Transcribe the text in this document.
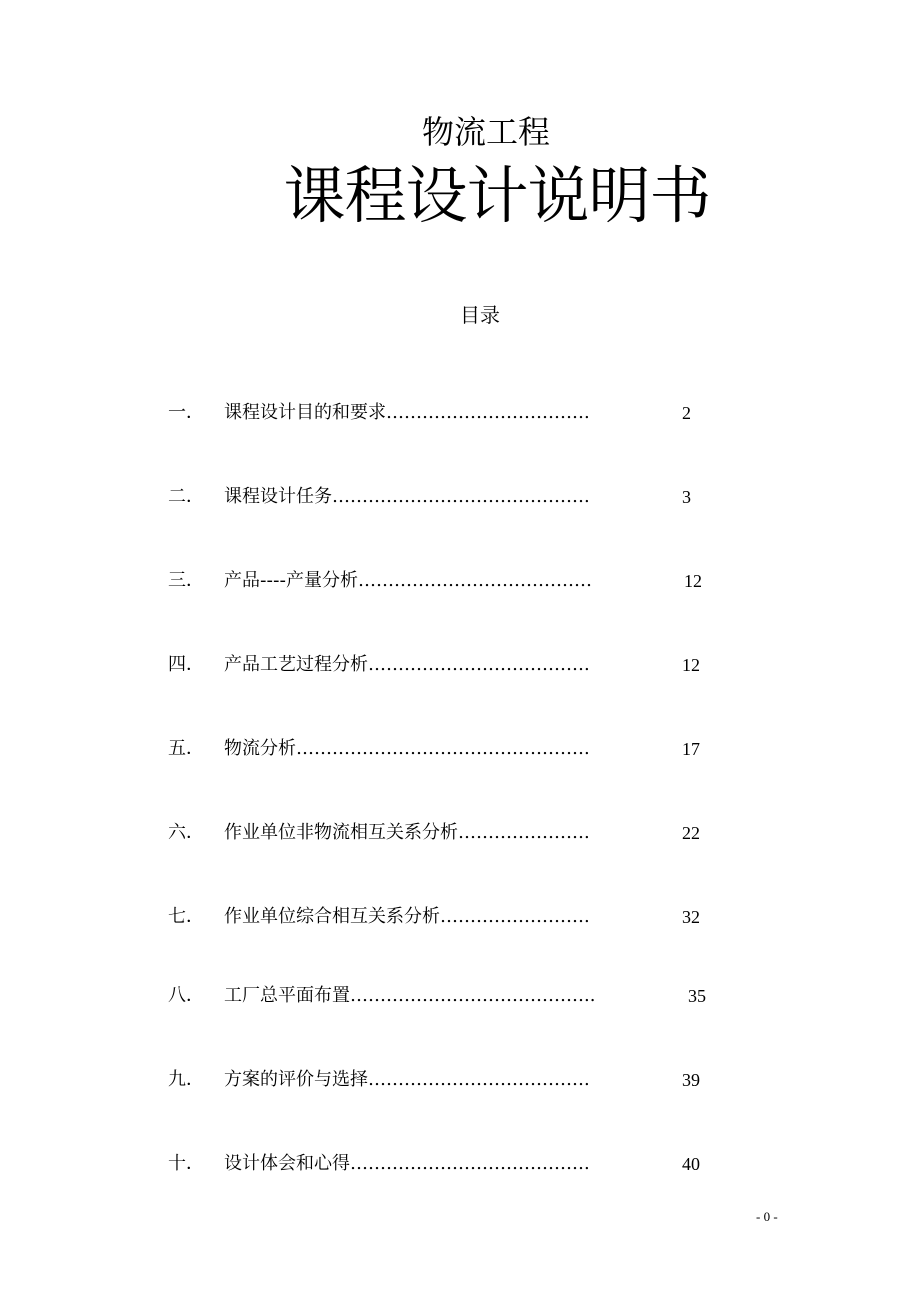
物流工程
课程设计说明书
目录
一． 课程设计目的和要求…………………………….	2
二． 课程设计任务…………………………………….	3
三． 产品----产量分析…………………………………	12
四． 产品工艺过程分析……………………………….	12
五． 物流分析………………………………………….	17
六． 作业单位非物流相互关系分析………………….	22
七． 作业单位综合相互关系分析…………………….	32
八． 工厂总平面布置…………………………………..	35
九． 方案的评价与选择……………………………….	39
十． 设计体会和心得………………………………….	40
- 0 -
